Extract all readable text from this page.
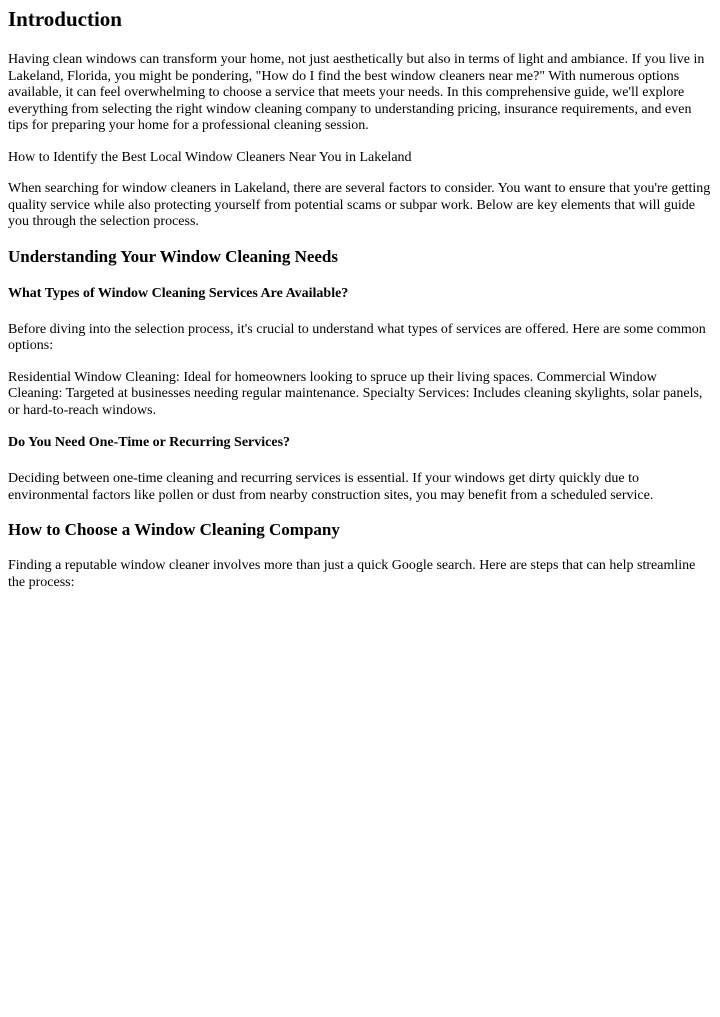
Introduction

Having clean windows can transform your home, not just aesthetically but also in terms of light and ambiance. If you live in Lakeland, Florida, you might be pondering, "How do I find the best window cleaners near me?" With numerous options available, it can feel overwhelming to choose a service that meets your needs. In this comprehensive guide, we'll explore everything from selecting the right window cleaning company to understanding pricing, insurance requirements, and even tips for preparing your home for a professional cleaning session.

How to Identify the Best Local Window Cleaners Near You in Lakeland

When searching for window cleaners in Lakeland, there are several factors to consider. You want to ensure that you're getting quality service while also protecting yourself from potential scams or subpar work. Below are key elements that will guide you through the selection process.

Understanding Your Window Cleaning Needs
What Types of Window Cleaning Services Are Available?

Before diving into the selection process, it's crucial to understand what types of services are offered. Here are some common options:

Residential Window Cleaning: Ideal for homeowners looking to spruce up their living spaces. Commercial Window Cleaning: Targeted at businesses needing regular maintenance. Specialty Services: Includes cleaning skylights, solar panels, or hard-to-reach windows.

Do You Need One-Time or Recurring Services?

Deciding between one-time cleaning and recurring services is essential. If your windows get dirty quickly due to environmental factors like pollen or dust from nearby construction sites, you may benefit from a scheduled service.

How to Choose a Window Cleaning Company

Finding a reputable window cleaner involves more than just a quick Google search. Here are steps that can help streamline the process:
